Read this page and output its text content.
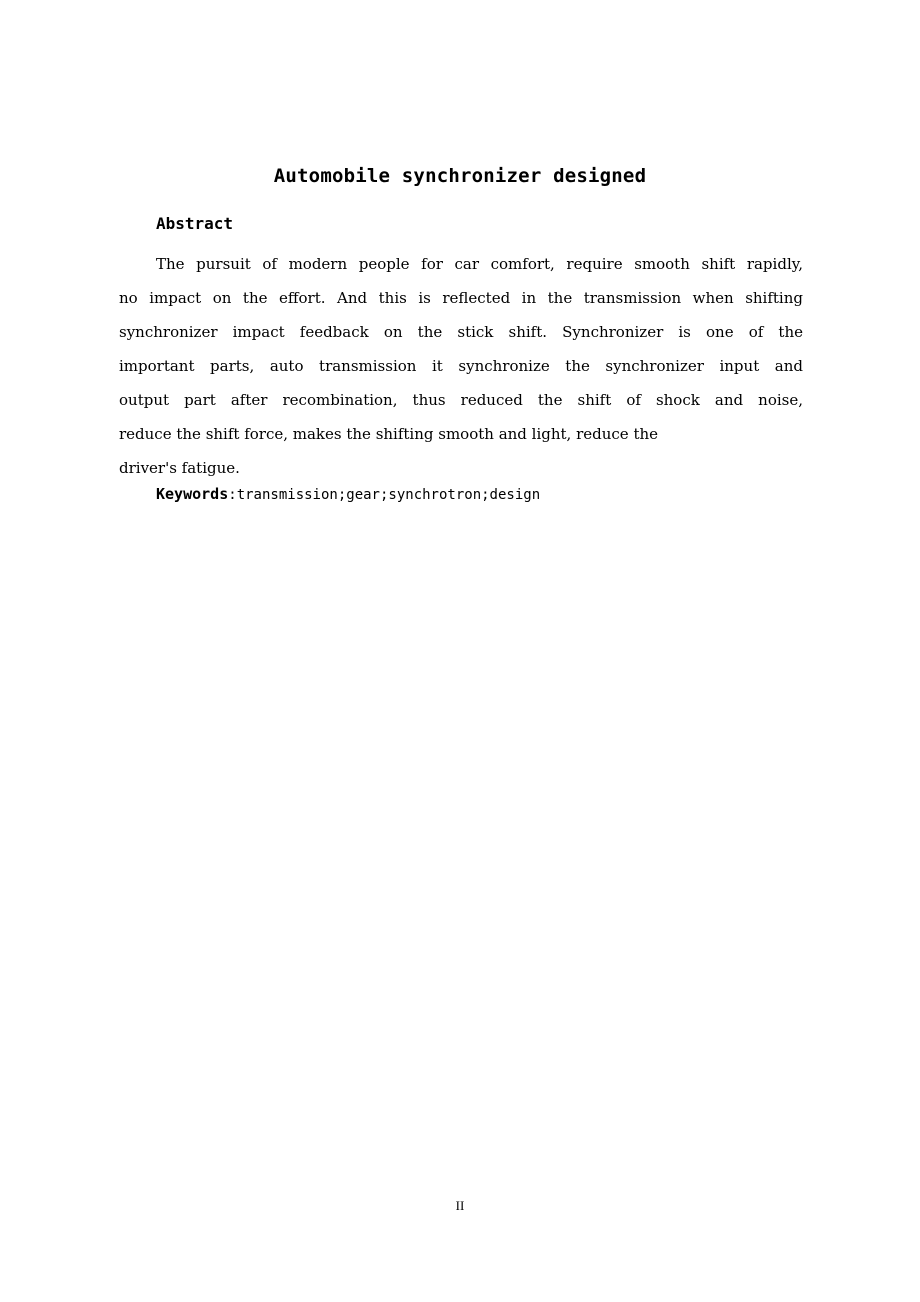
Automobile synchronizer designed
Abstract

The pursuit of modern people for car comfort, require smooth shift rapidly,
no impact on the effort. And this is reflected in the transmission when shifting
synchronizer impact feedback on the stick shift. Synchronizer is one of the
important parts, auto transmission it synchronize the synchronizer input and
output part after recombination, thus reduced the shift of shock and noise,
reduce the shift force, makes the shifting smooth and light, reduce the
driver's fatigue.

Keywords:transmission;gear;synchrotron;design

II
